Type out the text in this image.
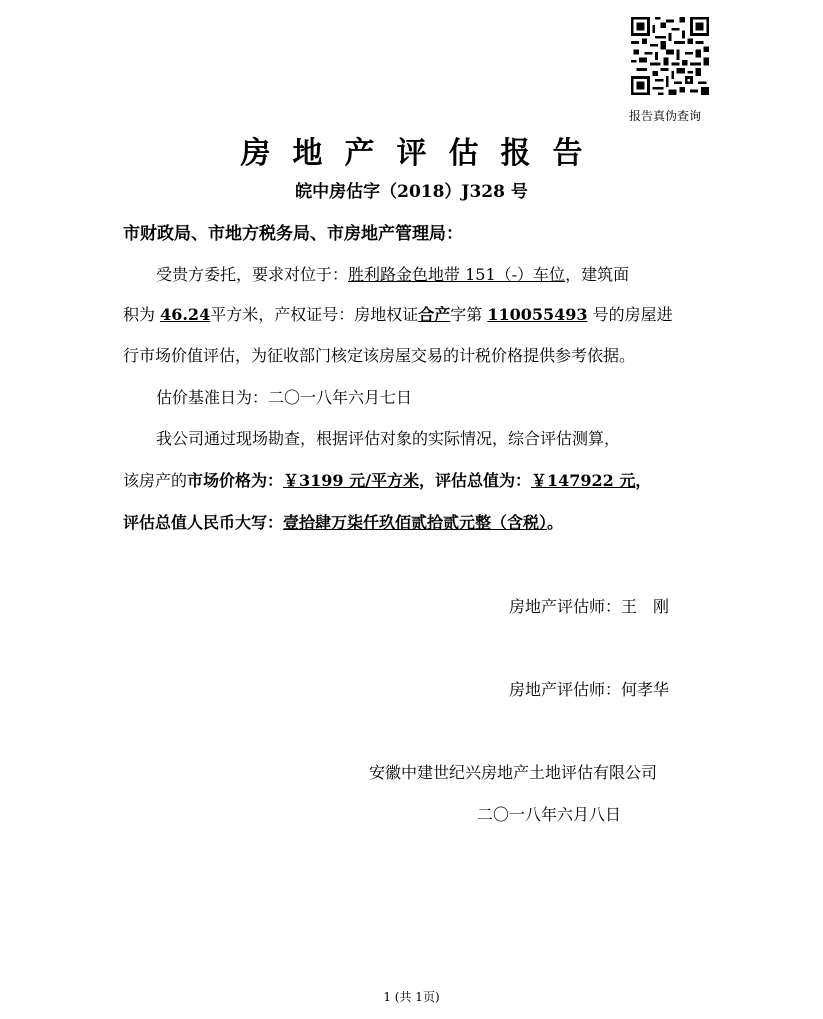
报告真伪查询
房地产评估报告
皖中房估字（2018）J328 号
市财政局、市地方税务局、市房地产管理局：
受贵方委托，要求对位于：胜利路金色地带 151（-）车位，建筑面
积为 46.24平方米，产权证号：房地权证合产字第 110055493 号的房屋进
行市场价值评估，为征收部门核定该房屋交易的计税价格提供参考依据。
估价基准日为：二〇一八年六月七日
我公司通过现场勘查，根据评估对象的实际情况，综合评估测算，
该房产的市场价格为：￥3199 元/平方米，评估总值为：￥147922 元，
评估总值人民币大写：壹拾肆万柒仟玖佰贰拾贰元整（含税）。
房地产评估师：王　刚
房地产评估师：何孝华
安徽中建世纪兴房地产土地评估有限公司
二〇一八年六月八日
1 (共 1页)
